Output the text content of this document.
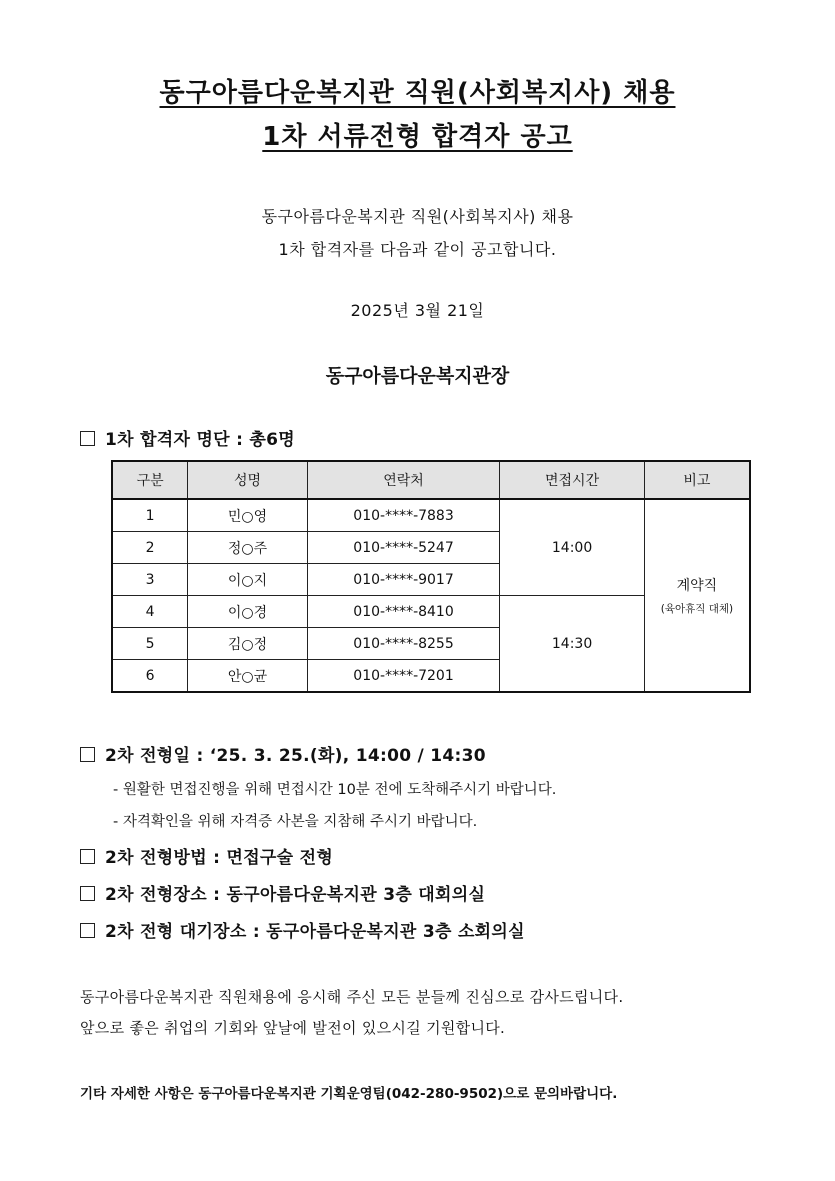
동구아름다운복지관 직원(사회복지사) 채용
1차 서류전형 합격자 공고
동구아름다운복지관 직원(사회복지사) 채용
1차 합격자를 다음과 같이 공고합니다.
2025년 3월 21일
동구아름다운복지관장
1차 합격자 명단 : 총6명
구분	성명	연락처	면접시간	비고
1	민○영	010-****-7883	14:00	계약직
(육아휴직 대체)

2	정○주	010-****-5247		
3	이○지	010-****-9017		
4	이○경	010-****-8410	14:30	
5	김○정	010-****-8255		
6	안○균	010-****-7201		
2차 전형일 : ‘25. 3. 25.(화), 14:00 / 14:30
- 원활한 면접진행을 위해 면접시간 10분 전에 도착해주시기 바랍니다.
- 자격확인을 위해 자격증 사본을 지참해 주시기 바랍니다.
2차 전형방법 : 면접구술 전형
2차 전형장소 : 동구아름다운복지관 3층 대회의실
2차 전형 대기장소 : 동구아름다운복지관 3층 소회의실
동구아름다운복지관 직원채용에 응시해 주신 모든 분들께 진심으로 감사드립니다.
앞으로 좋은 취업의 기회와 앞날에 발전이 있으시길 기원합니다.
기타 자세한 사항은 동구아름다운복지관 기획운영팀(042-280-9502)으로 문의바랍니다.
